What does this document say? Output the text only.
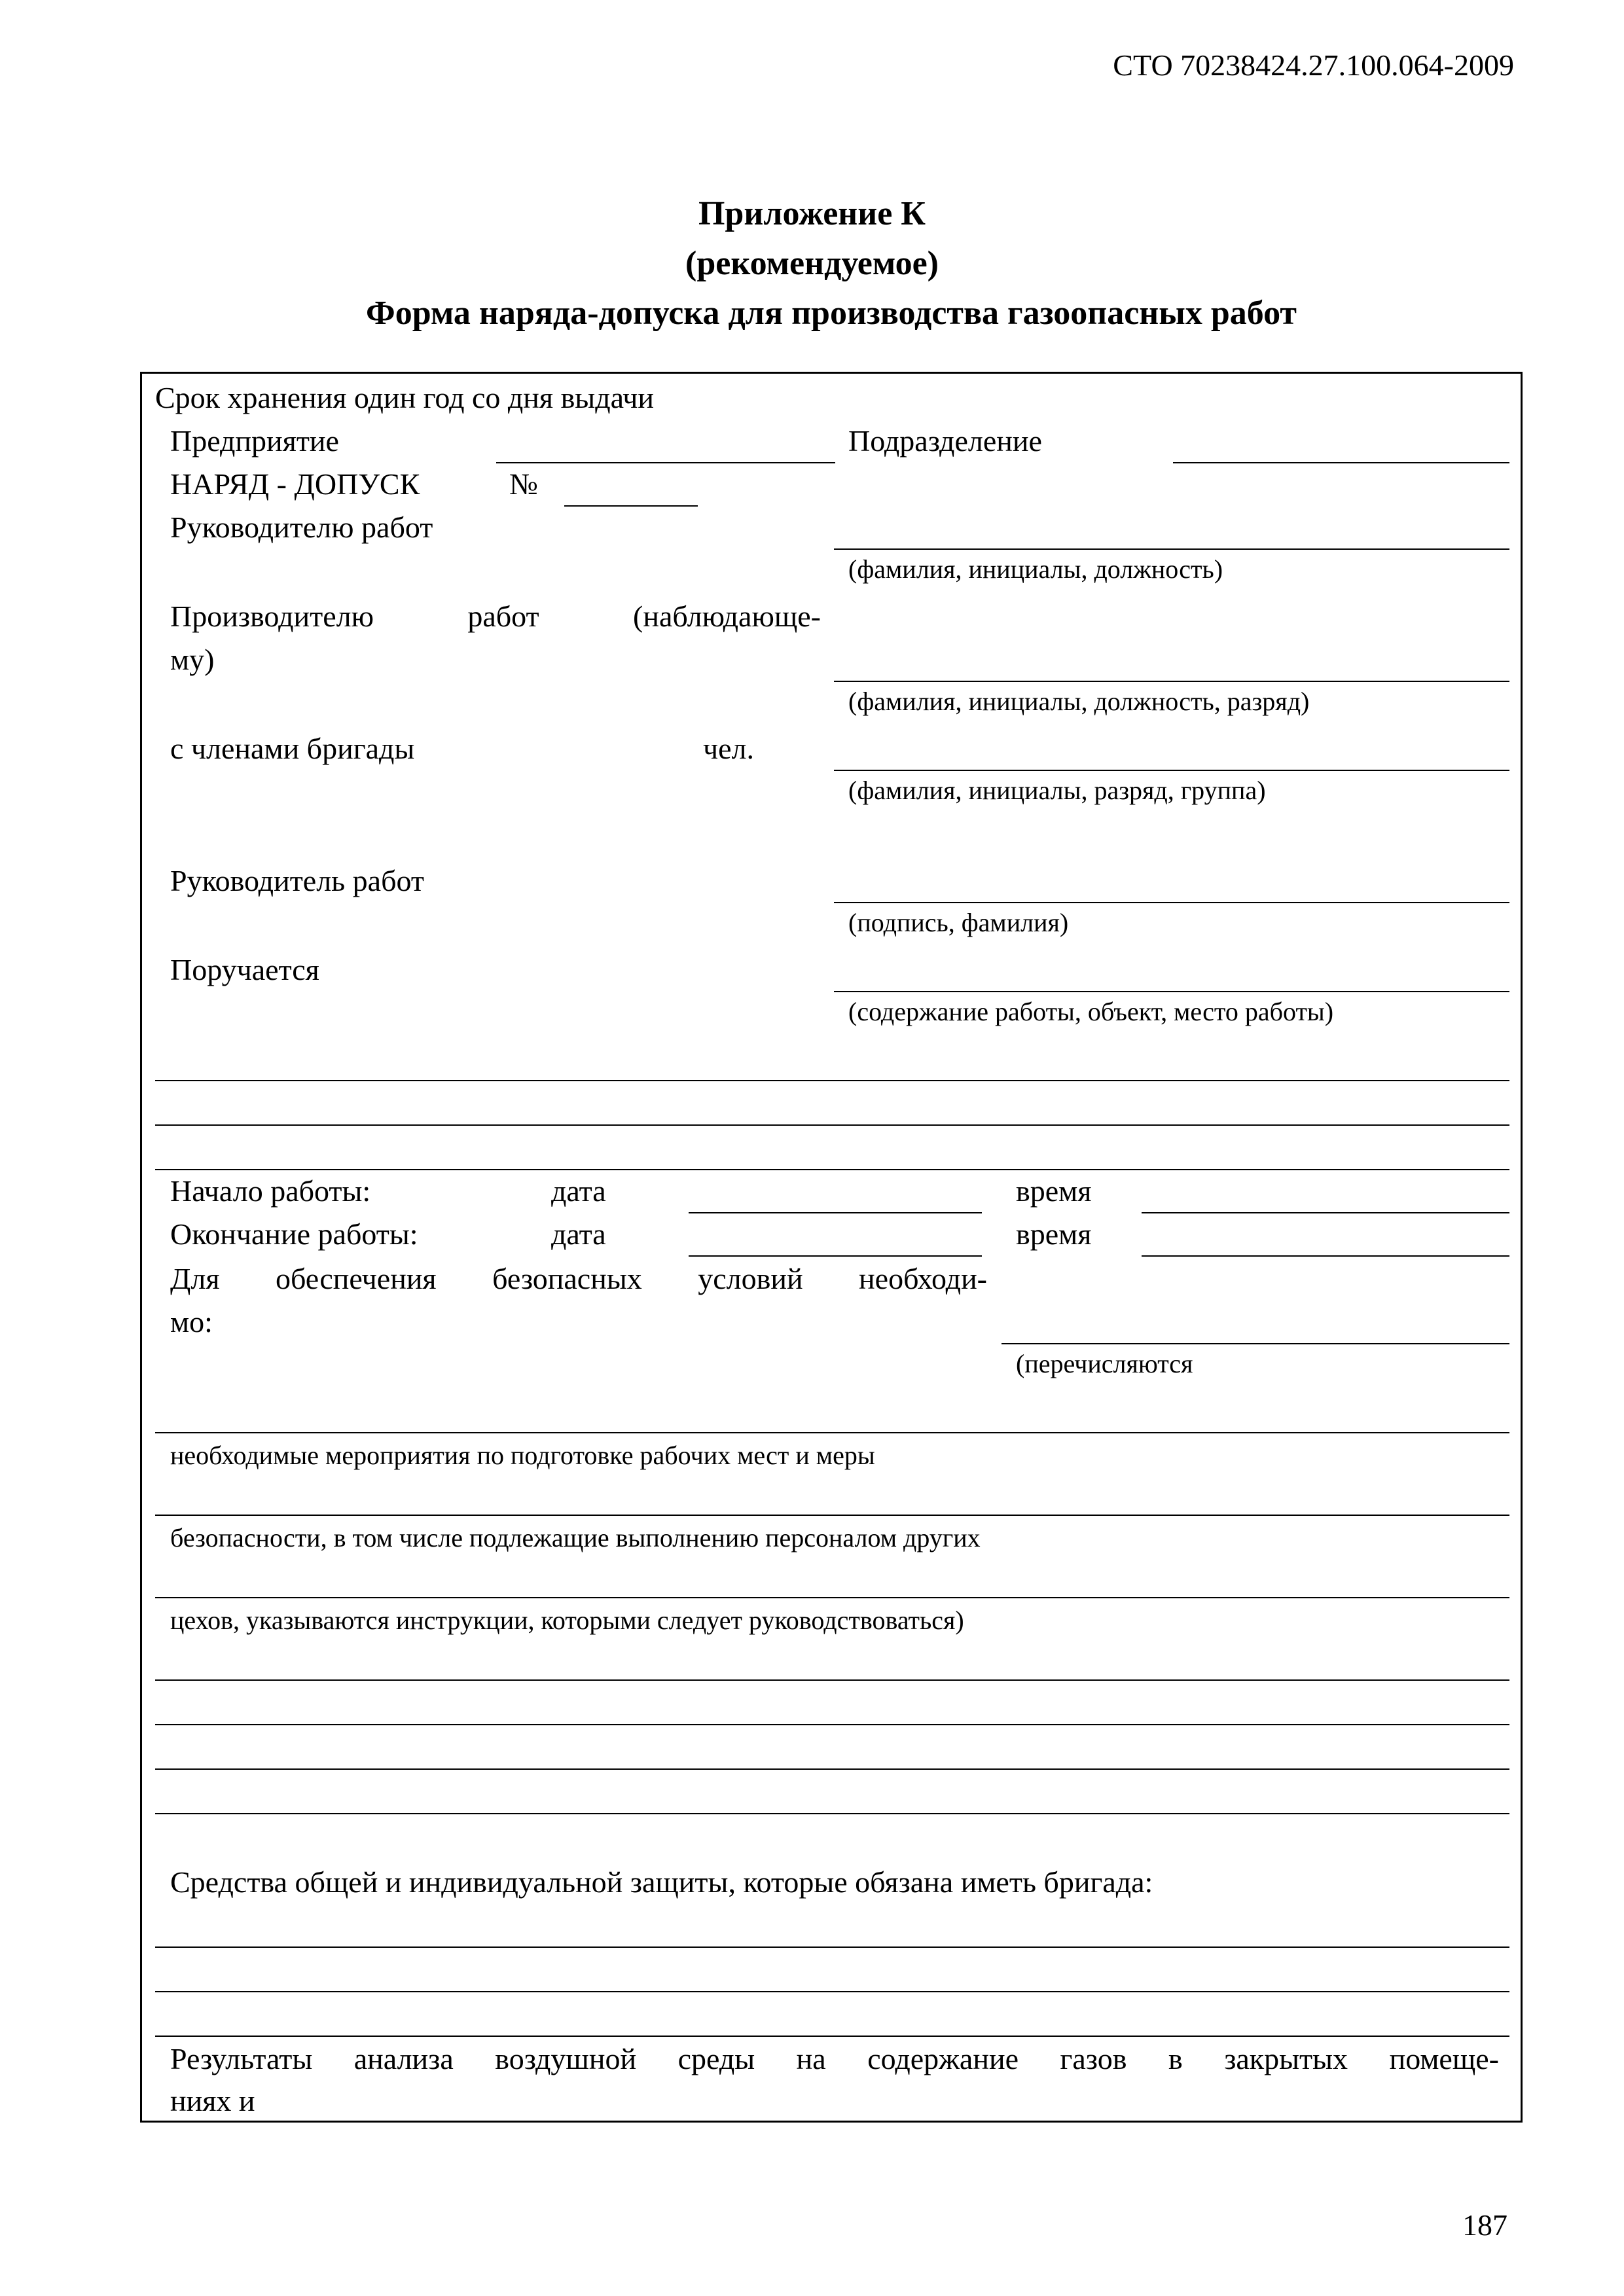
СТО 70238424.27.100.064-2009
Приложение К
(рекомендуемое)
Форма наряда-допуска для производства газоопасных работ
Срок хранения один год со дня выдачи
Предприятие	Подразделение
НАРЯД - ДОПУСК	№
Руководителю работ
(фамилия, инициалы, должность)
Производителю работ (наблюдающе-
му)
(фамилия, инициалы, должность, разряд)
с членами бригады	чел.
(фамилия, инициалы, разряд, группа)
Руководитель работ
(подпись, фамилия)
Поручается
(содержание работы, объект, место работы)
Начало работы:	дата	время
Окончание работы:	дата	время
Для обеспечения безопасных условий необходи-
мо:
(перечисляются
необходимые мероприятия по подготовке рабочих мест и меры
безопасности, в том числе подлежащие выполнению персоналом других
цехов, указываются инструкции, которыми следует руководствоваться)
Средства общей и индивидуальной защиты, которые обязана иметь бригада:
Результаты анализа воздушной среды на содержание газов в закрытых помеще-
ниях и
187
